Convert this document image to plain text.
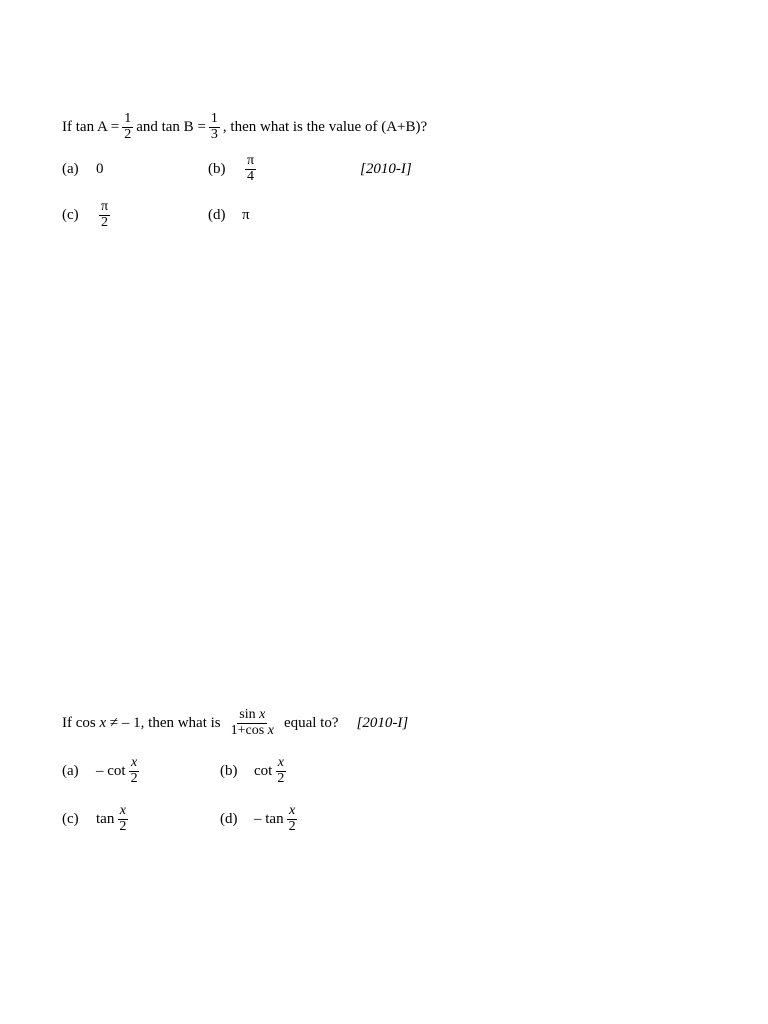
If $\tan A = \frac{1}{2}$ and $\tan B = \frac{1}{3}$ , then what is the value of (A+B)?
(a)	0	(b)	$\frac{\pi}{4}$	[2010-I]
(c)	$\frac{\pi}{2}$	(d)	π
If cos
x
≠ – 1, then what is $\frac{\text{sin x}}{\text{1+cos x}}$ equal to? [2010-I]
(a)	– $\cot \frac{x}{2}$	(b)	$\cot \frac{x}{2}$
(c)	$\tan \frac{x}{2}$	(d)	– $\tan \frac{x}{2}$
